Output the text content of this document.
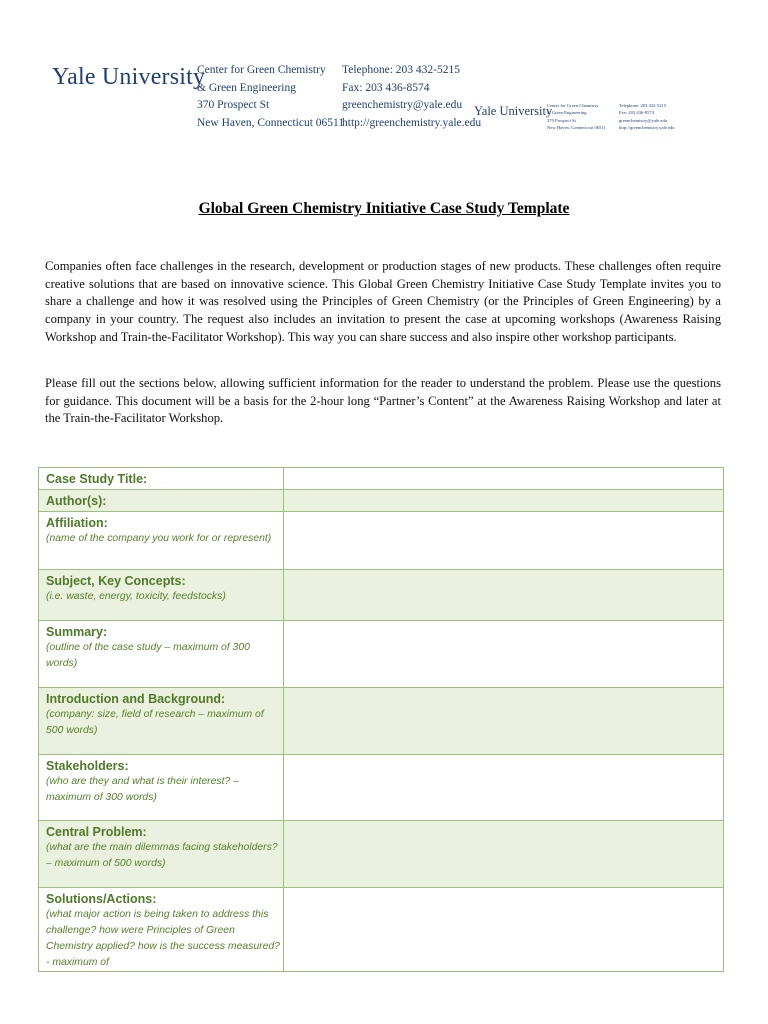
Yale University
Center for Green Chemistry
& Green Engineering
370 Prospect St
New Haven, Connecticut 06511
Telephone: 203 432-5215
Fax: 203 436-8574
greenchemistry@yale.edu
http://greenchemistry.yale.edu
Yale University
Center for Green Chemistry
& Green Engineering
370 Prospect St
New Haven, Connecticut 06511
Telephone: 203 432-5215
Fax: 203 436-8574
greenchemistry@yale.edu
http://greenchemistry.yale.edu
Global Green Chemistry Initiative Case Study Template
Companies often face challenges in the research, development or production stages of new products. These challenges often require creative solutions that are based on innovative science. This Global Green Chemistry Initiative Case Study Template invites you to share a challenge and how it was resolved using the Principles of Green Chemistry (or the Principles of Green Engineering) by a company in your country. The request also includes an invitation to present the case at upcoming workshops (Awareness Raising Workshop and Train-the-Facilitator Workshop). This way you can share success and also inspire other workshop participants.
Please fill out the sections below, allowing sufficient information for the reader to understand the problem. Please use the questions for guidance. This document will be a basis for the 2-hour long “Partner’s Content” at the Awareness Raising Workshop and later at the Train-the-Facilitator Workshop.
Case Study Title:	

Author(s):	

Affiliation:
(name of the company you work for or represent)	

Subject, Key Concepts:
(i.e. waste, energy, toxicity, feedstocks)	

Summary:
(outline of the case study – maximum of 300 words)	

Introduction and Background:
(company: size, field of research – maximum of 500 words)	

Stakeholders:
(who are they and what is their interest? – maximum of 300 words)	

Central Problem:
(what are the main dilemmas facing stakeholders? – maximum of 500 words)	

Solutions/Actions:
(what major action is being taken to address this challenge? how were Principles of Green Chemistry applied? how is the success measured? - maximum of	
